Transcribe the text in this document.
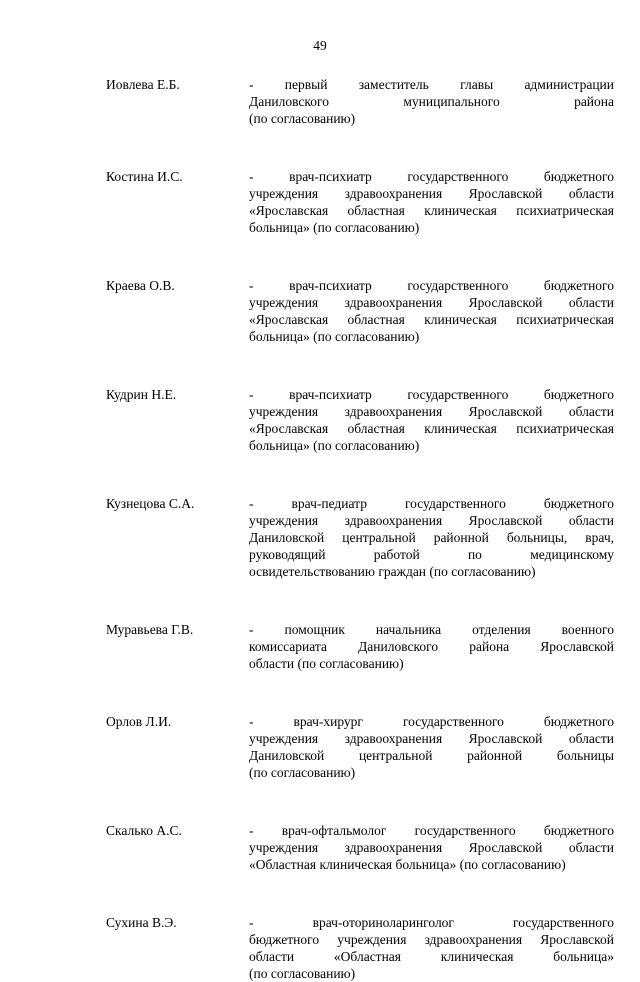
49
Иовлева Е.Б.	- первый заместитель главы администрации
Даниловского муниципального района
(по согласованию)
Костина И.С.	- врач-психиатр государственного бюджетного
учреждения здравоохранения Ярославской области
«Ярославская областная клиническая психиатрическая
больница» (по согласованию)
Краева О.В.	- врач-психиатр государственного бюджетного
учреждения здравоохранения Ярославской области
«Ярославская областная клиническая психиатрическая
больница» (по согласованию)
Кудрин Н.Е.	- врач-психиатр государственного бюджетного
учреждения здравоохранения Ярославской области
«Ярославская областная клиническая психиатрическая
больница» (по согласованию)
Кузнецова С.А.	- врач-педиатр государственного бюджетного
учреждения здравоохранения Ярославской области
Даниловской центральной районной больницы, врач,
руководящий работой по медицинскому
освидетельствованию граждан (по согласованию)
Муравьева Г.В.	- помощник начальника отделения военного
комиссариата Даниловского района Ярославской
области (по согласованию)
Орлов Л.И.	- врач-хирург государственного бюджетного
учреждения здравоохранения Ярославской области
Даниловской центральной районной больницы
(по согласованию)
Скалько А.С.	- врач-офтальмолог государственного бюджетного
учреждения здравоохранения Ярославской области
«Областная клиническая больница» (по согласованию)
Сухина В.Э.	- врач-оториноларинголог государственного
бюджетного учреждения здравоохранения Ярославской
области «Областная клиническая больница»
(по согласованию)
